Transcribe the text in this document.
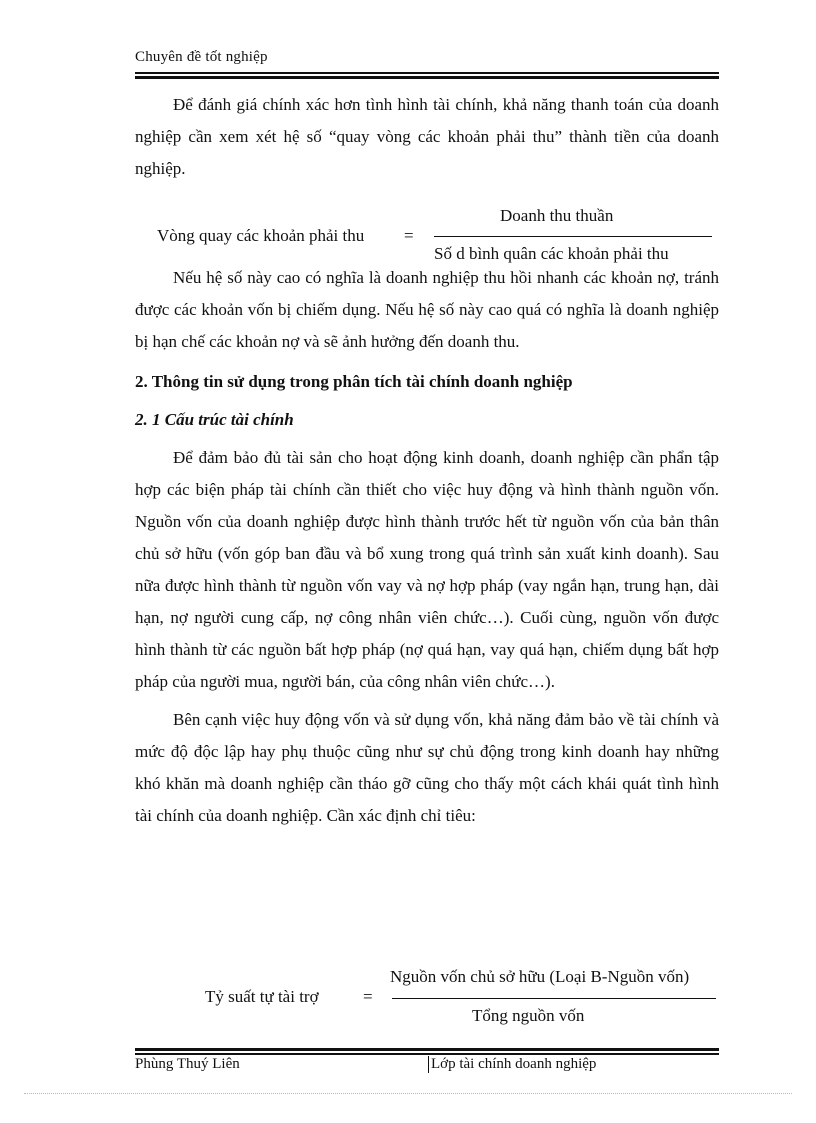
Chuyên đề tốt nghiệp

Để đánh giá chính xác hơn tình hình tài chính, khả năng thanh toán của doanh nghiệp cần xem xét hệ số “quay vòng các khoản phải thu” thành tiền của doanh nghiệp.

Vòng quay các khoản phải thu =
Doanh thu thuần
Số d bình quân các khoản phải thu

Nếu hệ số này cao có nghĩa là doanh nghiệp thu hồi nhanh các khoản nợ, tránh được các khoản vốn bị chiếm dụng. Nếu hệ số này cao quá có nghĩa là doanh nghiệp bị hạn chế các khoản nợ và sẽ ảnh hưởng đến doanh thu.

2. Thông tin sử dụng trong phân tích tài chính doanh nghiệp

2. 1 Cấu trúc tài chính

Để đảm bảo đủ tài sản cho hoạt động kinh doanh, doanh nghiệp cần phẩn tập hợp các biện pháp tài chính cần thiết cho việc huy động và hình thành nguồn vốn. Nguồn vốn của doanh nghiệp được hình thành trước hết từ nguồn vốn của bản thân chủ sở hữu (vốn góp ban đầu và bổ xung trong quá trình sản xuất kinh doanh). Sau nữa được hình thành từ nguồn vốn vay và nợ hợp pháp (vay ngắn hạn, trung hạn, dài hạn, nợ người cung cấp, nợ công nhân viên chức…). Cuối cùng, nguồn vốn được hình thành từ các nguồn bất hợp pháp (nợ quá hạn, vay quá hạn, chiếm dụng bất hợp pháp của người mua, người bán, của công nhân viên chức…).

Bên cạnh việc huy động vốn và sử dụng vốn, khả năng đảm bảo về tài chính và mức độ độc lập hay phụ thuộc cũng như sự chủ động trong kinh doanh hay những khó khăn mà doanh nghiệp cần tháo gỡ cũng cho thấy một cách khái quát tình hình tài chính của doanh nghiệp. Cần xác định chỉ tiêu:

Tỷ suất tự tài trợ	=
Nguồn vốn chủ sở hữu (Loại B-Nguồn vốn)
Tổng nguồn vốn
Phùng Thuý Liên	Lớp tài chính doanh nghiệp
